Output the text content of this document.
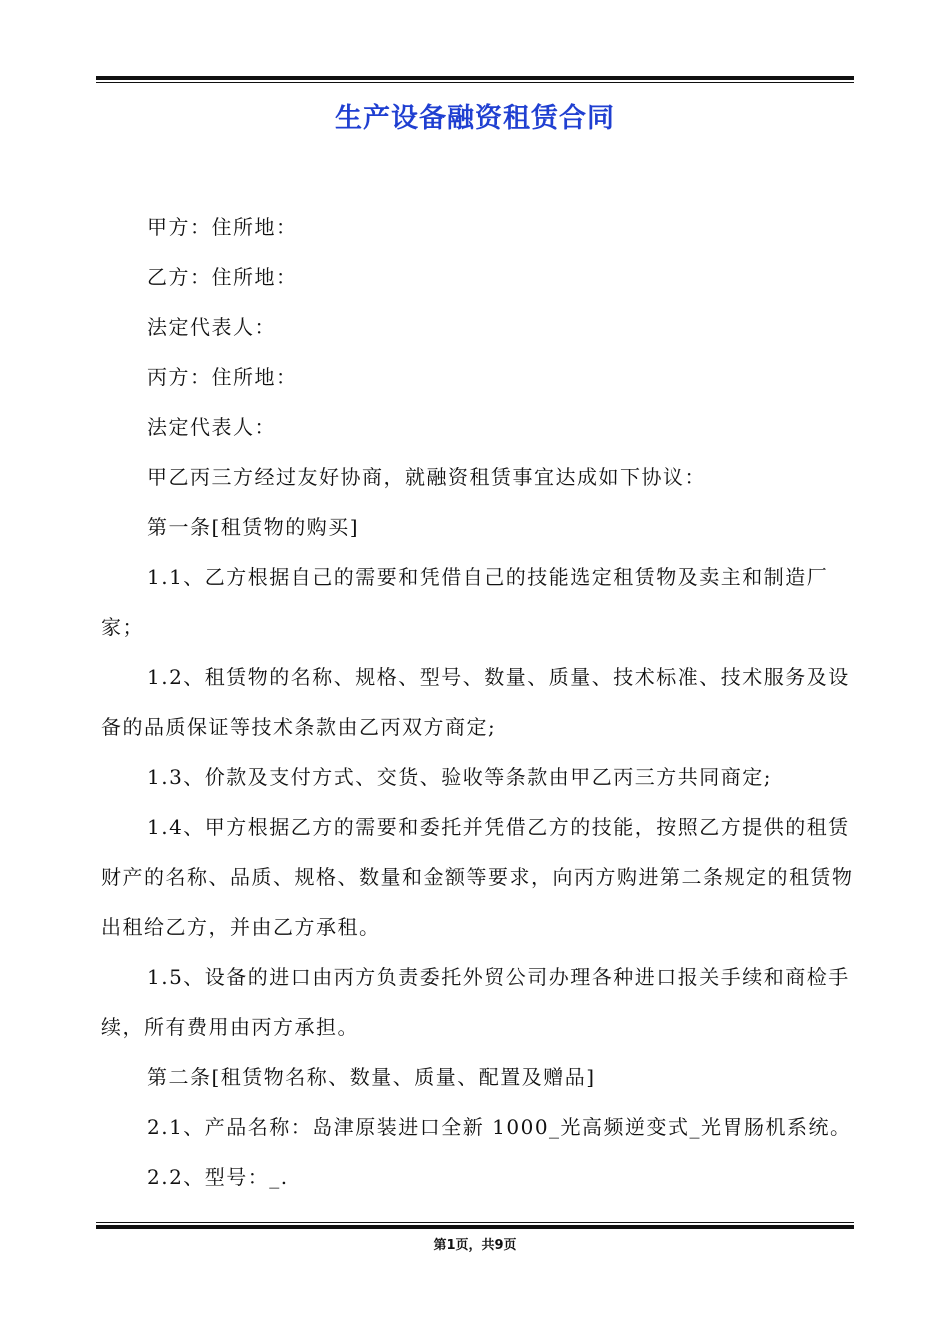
生产设备融资租赁合同

甲方：住所地：

乙方：住所地：

法定代表人：

丙方：住所地：

法定代表人：

甲乙丙三方经过友好协商，就融资租赁事宜达成如下协议：

第一条[租赁物的购买]

1.1、乙方根据自己的需要和凭借自己的技能选定租赁物及卖主和制造厂家；

1.2、租赁物的名称、规格、型号、数量、质量、技术标准、技术服务及设备的品质保证等技术条款由乙丙双方商定;

1.3、价款及支付方式、交货、验收等条款由甲乙丙三方共同商定;

1.4、甲方根据乙方的需要和委托并凭借乙方的技能，按照乙方提供的租赁财产的名称、品质、规格、数量和金额等要求，向丙方购进第二条规定的租赁物出租给乙方，并由乙方承租。

1.5、设备的进口由丙方负责委托外贸公司办理各种进口报关手续和商检手续，所有费用由丙方承担。

第二条[租赁物名称、数量、质量、配置及赠品]

2.1、产品名称：岛津原装进口全新 1000_光高频逆变式_光胃肠机系统。

2.2、型号：_.

第1页，共9页
